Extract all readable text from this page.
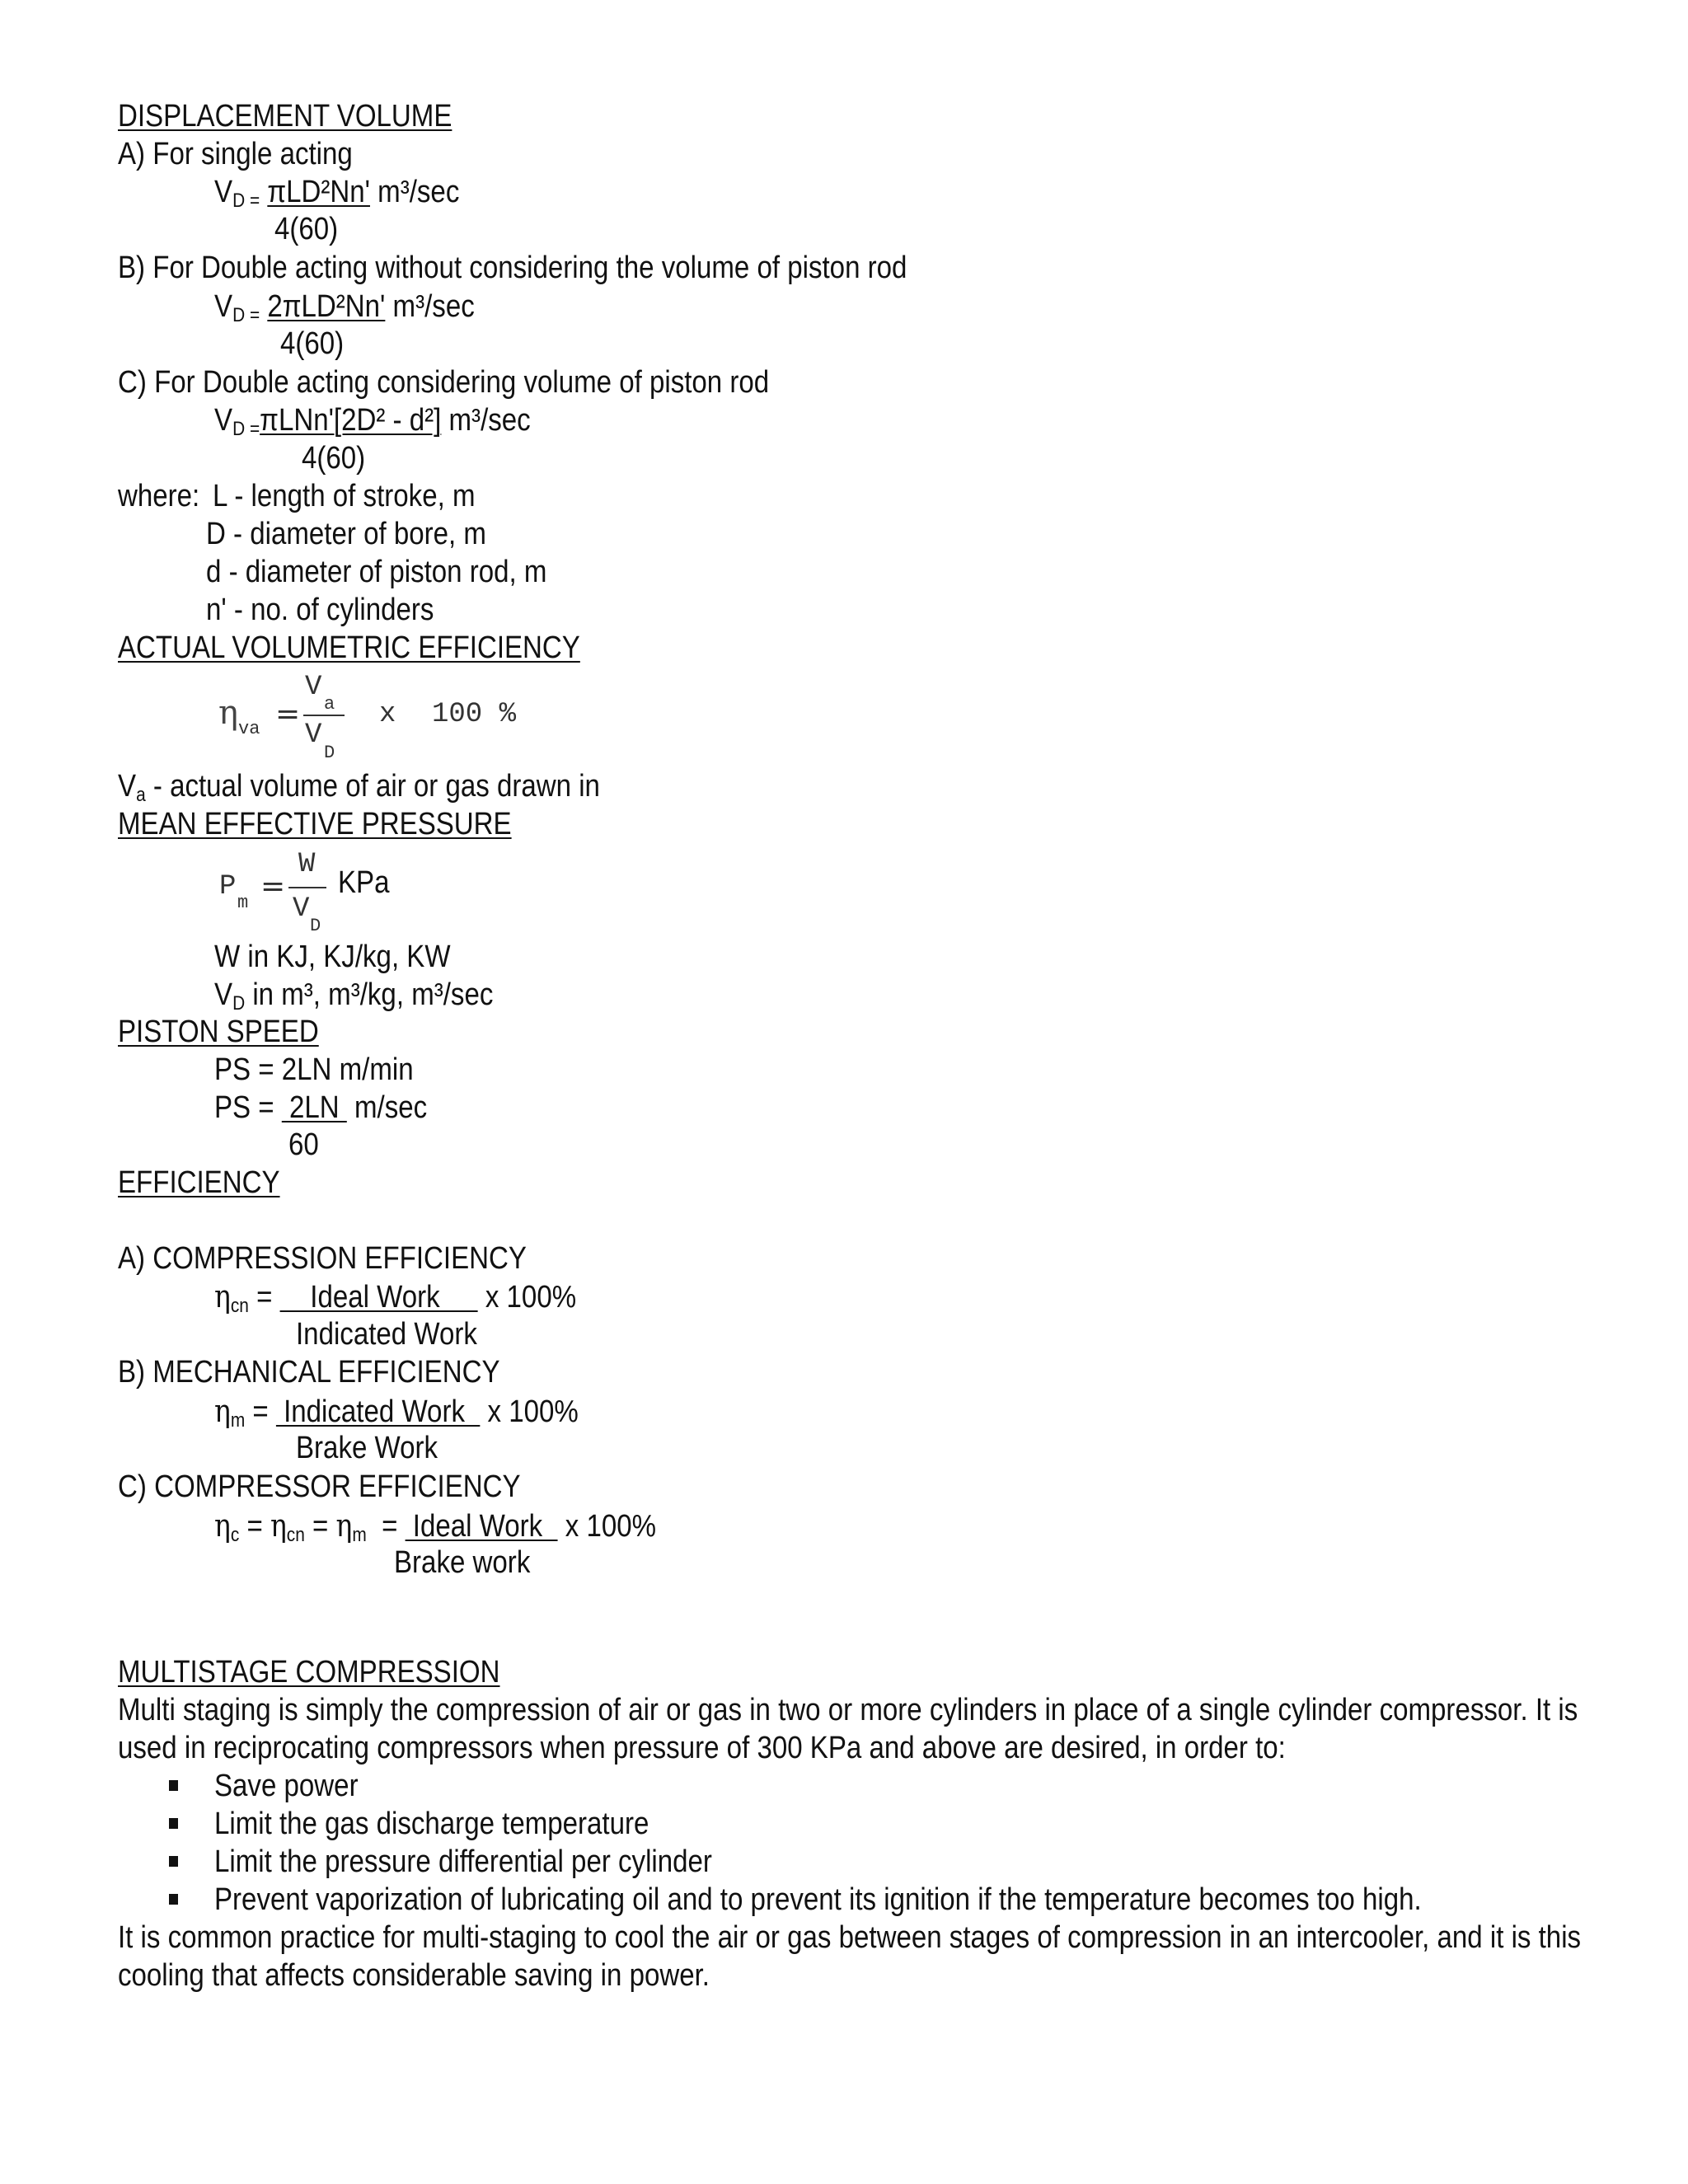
DISPLACEMENT VOLUME
A) For single acting
$V_{D =}$ πLD²Nn' m³/sec
4(60)
B) For Double acting without considering the volume of piston rod
$V_{D =}$ 2πLD²Nn' m³/sec
4(60)
C) For Double acting considering volume of piston rod
$V_{D =}\pi LNn'[2D^2 - d^2]$ m³/sec
4(60)
where: L - length of stroke, m
D - diameter of bore, m
d - diameter of piston rod, m
n' - no. of cylinders
ACTUAL VOLUMETRIC EFFICIENCY
η va =
V
a
V
D
x 100 %
$V_a$ - actual volume of air or gas drawn in
MEAN EFFECTIVE PRESSURE
P
m =
W
V
D
KPa
W in KJ, KJ/kg, KW
$V_D$ in m³, m³/kg, m³/sec
PISTON SPEED
PS = 2LN m/min
PS =  2LN  m/sec
60
EFFICIENCY
A) COMPRESSION EFFICIENCY
$\eta_{cn}$ =     Ideal Work      x 100%
Indicated Work
B) MECHANICAL EFFICIENCY
$\eta_m$ =  Indicated Work   x 100%
Brake Work
C) COMPRESSOR EFFICIENCY
$\eta_c = \eta_{cn} = \eta_m$  =  Ideal Work   x 100%
Brake work
MULTISTAGE COMPRESSION
Multi staging is simply the compression of air or gas in two or more cylinders in place of a single cylinder compressor. It is
used in reciprocating compressors when pressure of 300 KPa and above are desired, in order to:
Save power
Limit the gas discharge temperature
Limit the pressure differential per cylinder
Prevent vaporization of lubricating oil and to prevent its ignition if the temperature becomes too high.
It is common practice for multi-staging to cool the air or gas between stages of compression in an intercooler, and it is this
cooling that affects considerable saving in power.
